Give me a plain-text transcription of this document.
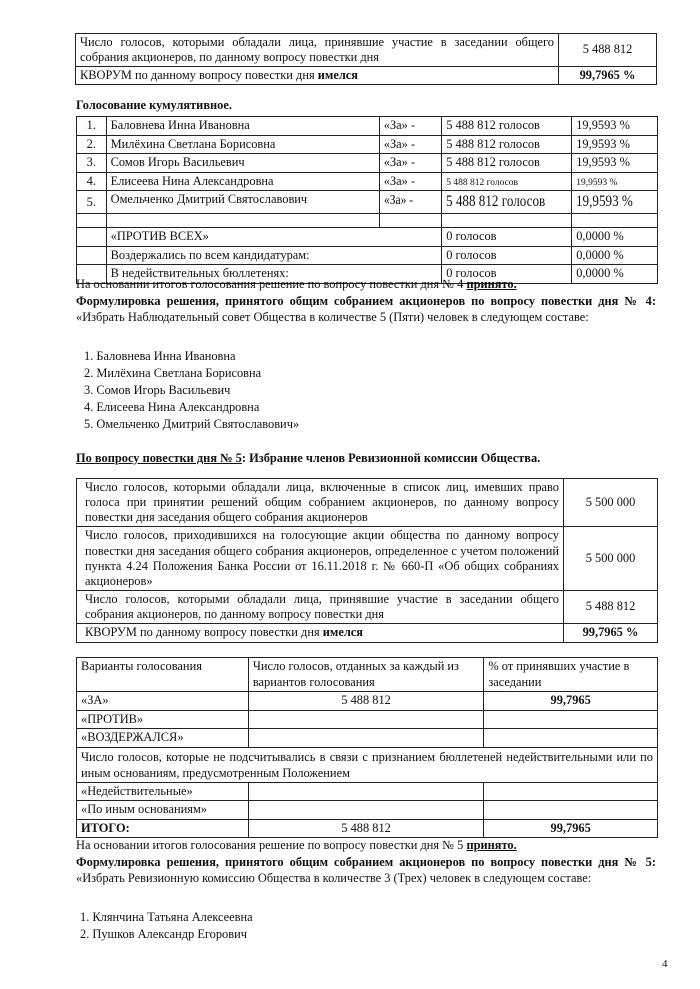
Число голосов, которыми обладали лица, принявшие участие в заседании общего собрания акционеров, по данному вопросу повестки дня	5 488 812
КВОРУМ по данному вопросу повестки дня имелся	99,7965 %
Голосование кумулятивное.
1.	Баловнева Инна Ивановна	«За» -	5 488 812 голосов	19,9593 %
2.	Милёхина Светлана Борисовна	«За» -	5 488 812 голосов	19,9593 %
3.	Сомов Игорь Васильевич	«За» -	5 488 812 голосов	19,9593 %
4.	Елисеева Нина Александровна	«За» -	5 488 812 голосов	19,9593 %
5.	Омельченко Дмитрий Святославович	«За» -	5 488 812 голосов	19,9593 %

	«ПРОТИВ ВСЕХ»		0 голосов	0,0000 %
	Воздержались по всем кандидатурам:		0 голосов	0,0000 %
	В недействительных бюллетенях:		0 голосов	0,0000 %

На основании итогов голосования решение по вопросу повестки дня № 4 принято.

Формулировка решения, принятого общим собранием акционеров по вопросу повестки дня № 4: «Избрать Наблюдательный совет Общества в количестве 5 (Пяти) человек в следующем составе:

1. Баловнева Инна Ивановна
2. Милёхина Светлана Борисовна
3. Сомов Игорь Васильевич
4. Елисеева Нина Александровна
5. Омельченко Дмитрий Святославович»
По вопросу повестки дня № 5: Избрание членов Ревизионной комиссии Общества.
Число голосов, которыми обладали лица, включенные в список лиц, имевших право голоса при принятии решений общим собранием акционеров, по данному вопросу повестки дня заседания общего собрания акционеров	5 500 000
Число голосов, приходившихся на голосующие акции общества по данному вопросу повестки дня заседания общего собрания акционеров, определенное с учетом положений пункта 4.24 Положения Банка России от 16.11.2018 г. № 660-П «Об общих собраниях акционеров»	5 500 000
Число голосов, которыми обладали лица, принявшие участие в заседании общего собрания акционеров, по данному вопросу повестки дня	5 488 812
КВОРУМ по данному вопросу повестки дня имелся	99,7965 %
Варианты голосования	Число голосов, отданных за каждый из вариантов голосования	% от принявших участие в заседании
«ЗА»	5 488 812	99,7965
«ПРОТИВ»		
«ВОЗДЕРЖАЛСЯ»		
Число голосов, которые не подсчитывались в связи с признанием бюллетеней недействительными или по иным основаниям, предусмотренным Положением		
«Недействительные»		
«По иным основаниям»		
ИТОГО:	5 488 812	99,7965

На основании итогов голосования решение по вопросу повестки дня № 5 принято.

Формулировка решения, принятого общим собранием акционеров по вопросу повестки дня № 5: «Избрать Ревизионную комиссию Общества в количестве 3 (Трех) человек в следующем составе:

1. Клянчина Татьяна Алексеевна
2. Пушков Александр Егорович
4
